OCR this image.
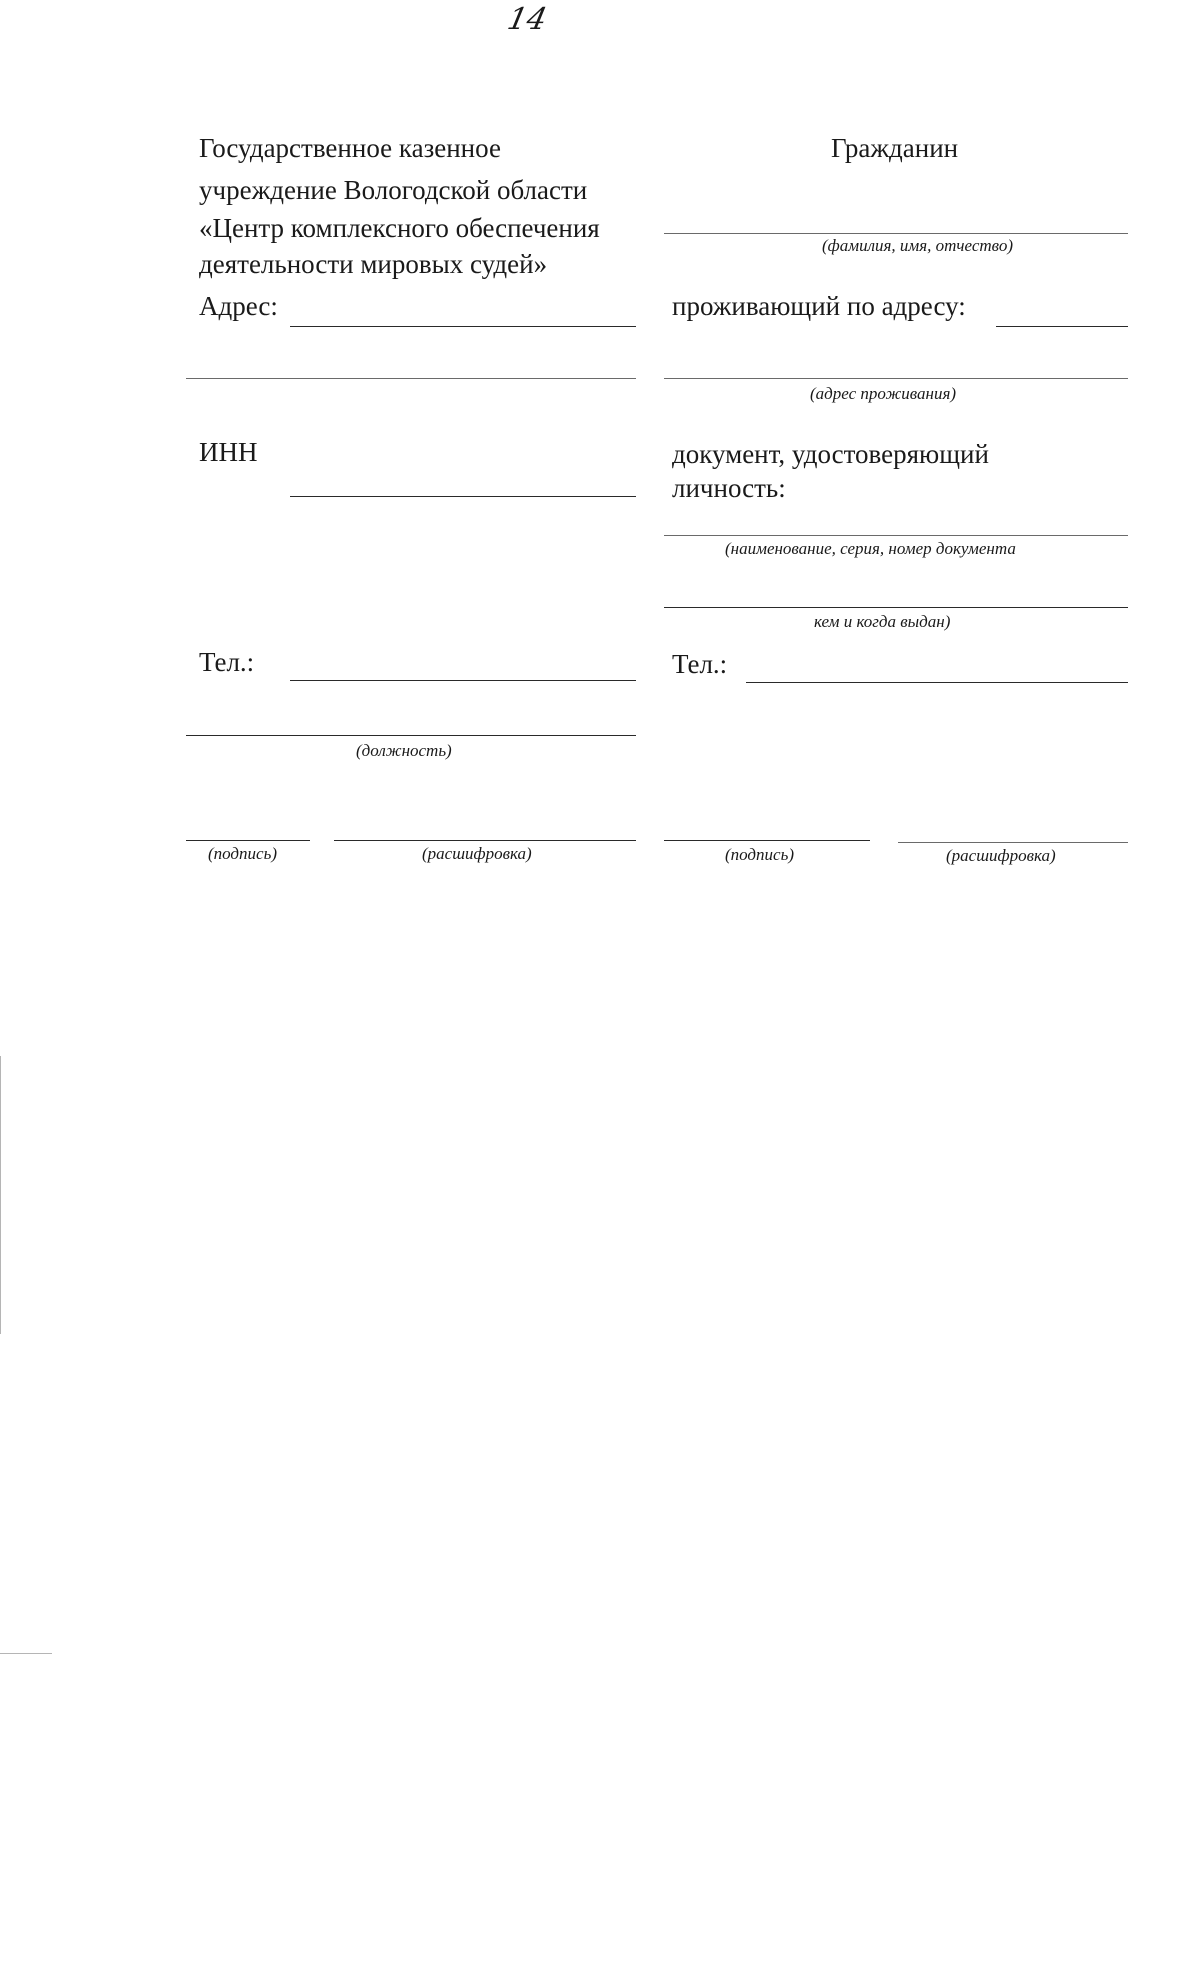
14
Государственное казенное
учреждение Вологодской области
«Центр комплексного обеспечения
деятельности мировых судей»
Адрес:
ИНН
Тел.:
(должность)
(подпись)	(расшифровка)
Гражданин
(фамилия, имя, отчество)
проживающий по адресу:
(адрес проживания)
документ, удостоверяющий
личность:
(наименование, серия, номер документа
кем и когда выдан)
Тел.:
(подпись)	(расшифровка)
